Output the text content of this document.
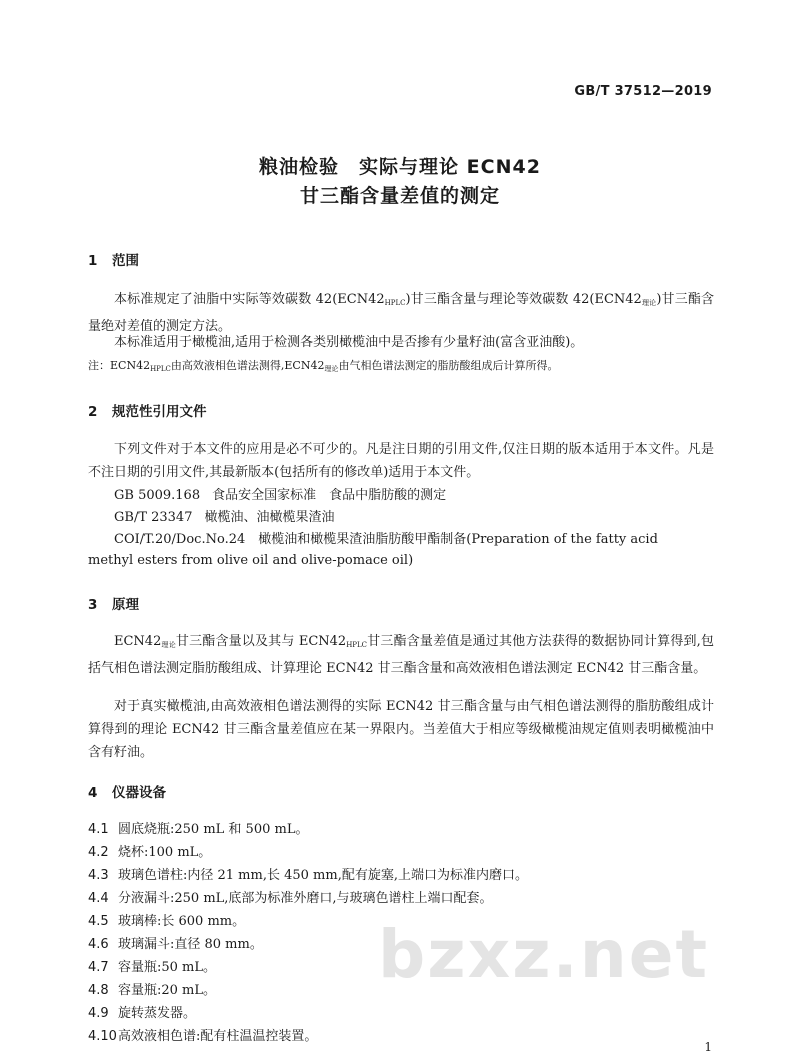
GB/T 37512—2019
粮油检验　实际与理论 ECN42
甘三酯含量差值的测定
1 范围
本标准规定了油脂中实际等效碳数 $42(ECN42_{HPLC})$甘三酯含量与理论等效碳数 $42(ECN42_{理论})$甘三酯含量绝对差值的测定方法。
本标准适用于橄榄油,适用于检测各类别橄榄油中是否掺有少量籽油(富含亚油酸)。
注：$ECN42_{HPLC}$由高效液相色谱法测得$,ECN42_{理论}$由气相色谱法测定的脂肪酸组成后计算所得。
2 规范性引用文件
下列文件对于本文件的应用是必不可少的。凡是注日期的引用文件,仅注日期的版本适用于本文件。凡是不注日期的引用文件,其最新版本(包括所有的修改单)适用于本文件。
GB 5009.168 食品安全国家标准　食品中脂肪酸的测定
GB/T 23347 橄榄油、油橄榄果渣油
COI/T.20/Doc.No.24　橄榄油和橄榄果渣油脂肪酸甲酯制备(Preparation of the fatty acid
methyl esters from olive oil and olive-pomace oil)
3 原理
$ECN42_{理论}$甘三酯含量以及其与 $ECN42_{HPLC}$甘三酯含量差值是通过其他方法获得的数据协同计算得到,包括气相色谱法测定脂肪酸组成、计算理论 ECN42 甘三酯含量和高效液相色谱法测定 ECN42 甘三酯含量。
对于真实橄榄油,由高效液相色谱法测得的实际 ECN42 甘三酯含量与由气相色谱法测得的脂肪酸组成计算得到的理论 ECN42 甘三酯含量差值应在某一界限内。当差值大于相应等级橄榄油规定值则表明橄榄油中含有籽油。
4 仪器设备
4.1 圆底烧瓶:250 mL 和 500 mL。
4.2 烧杯:100 mL。
4.3 玻璃色谱柱:内径 21 mm,长 450 mm,配有旋塞,上端口为标准内磨口。
4.4 分液漏斗:250 mL,底部为标准外磨口,与玻璃色谱柱上端口配套。
4.5 玻璃棒:长 600 mm。
4.6 玻璃漏斗:直径 80 mm。
4.7 容量瓶:50 mL。
4.8 容量瓶:20 mL。
4.9 旋转蒸发器。
4.10高效液相色谱:配有柱温温控装置。
bzxz.net
1
